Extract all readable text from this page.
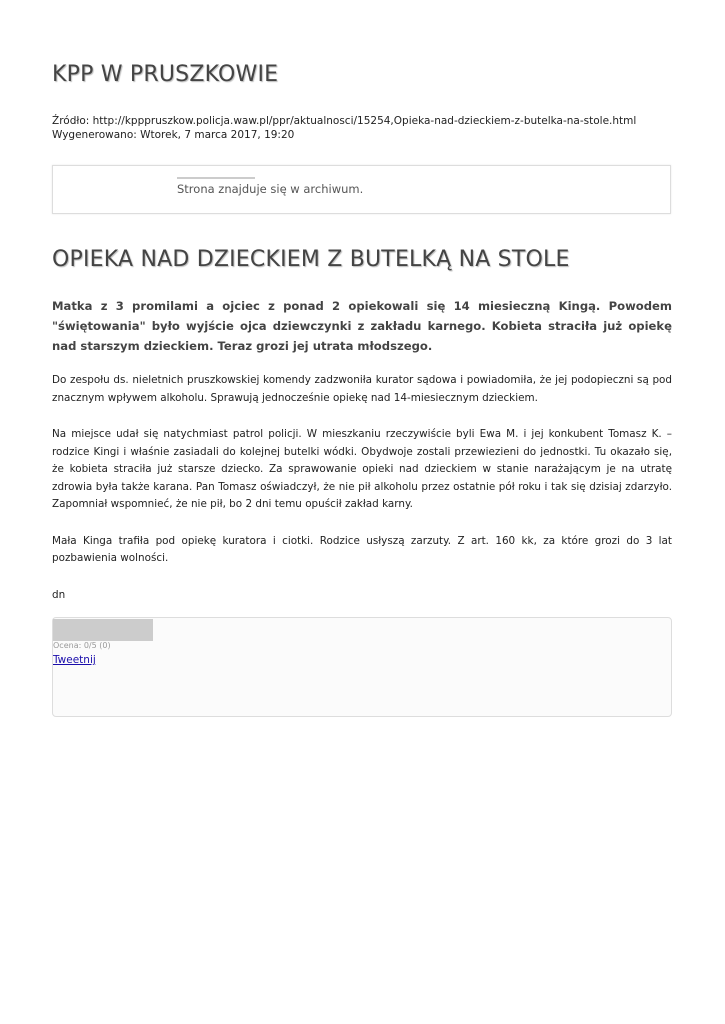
KPP W PRUSZKOWIE
Źródło: http://kpppruszkow.policja.waw.pl/ppr/aktualnosci/15254,Opieka-nad-dzieckiem-z-butelka-na-stole.html
Wygenerowano: Wtorek, 7 marca 2017, 19:20
Strona znajduje się w archiwum.
OPIEKA NAD DZIECKIEM Z BUTELKĄ NA STOLE

Matka z 3 promilami a ojciec z ponad 2 opiekowali się 14 miesieczną Kingą. Powodem "świętowania" było wyjście ojca dziewczynki z zakładu karnego. Kobieta straciła już opiekę nad starszym dzieckiem. Teraz grozi jej utrata młodszego.

Do zespołu ds. nieletnich pruszkowskiej komendy zadzwoniła kurator sądowa i powiadomiła, że jej podopieczni są pod znacznym wpływem alkoholu. Sprawują jednocześnie opiekę nad 14-miesiecznym dzieckiem.

Na miejsce udał się natychmiast patrol policji. W mieszkaniu rzeczywiście byli Ewa M. i jej konkubent Tomasz K. – rodzice Kingi i właśnie zasiadali do kolejnej butelki wódki. Obydwoje zostali przewiezieni do jednostki. Tu okazało się, że kobieta straciła już starsze dziecko. Za sprawowanie opieki nad dzieckiem w stanie narażającym je na utratę zdrowia była także karana. Pan Tomasz oświadczył, że nie pił alkoholu przez ostatnie pół roku i tak się dzisiaj zdarzyło. Zapomniał wspomnieć, że nie pił, bo 2 dni temu opuścił zakład karny.

Mała Kinga trafiła pod opiekę kuratora i ciotki. Rodzice usłyszą zarzuty. Z art. 160 kk, za które grozi do 3 lat pozbawienia wolności.

dn

Ocena: 0/5 (0)
Tweetnij
